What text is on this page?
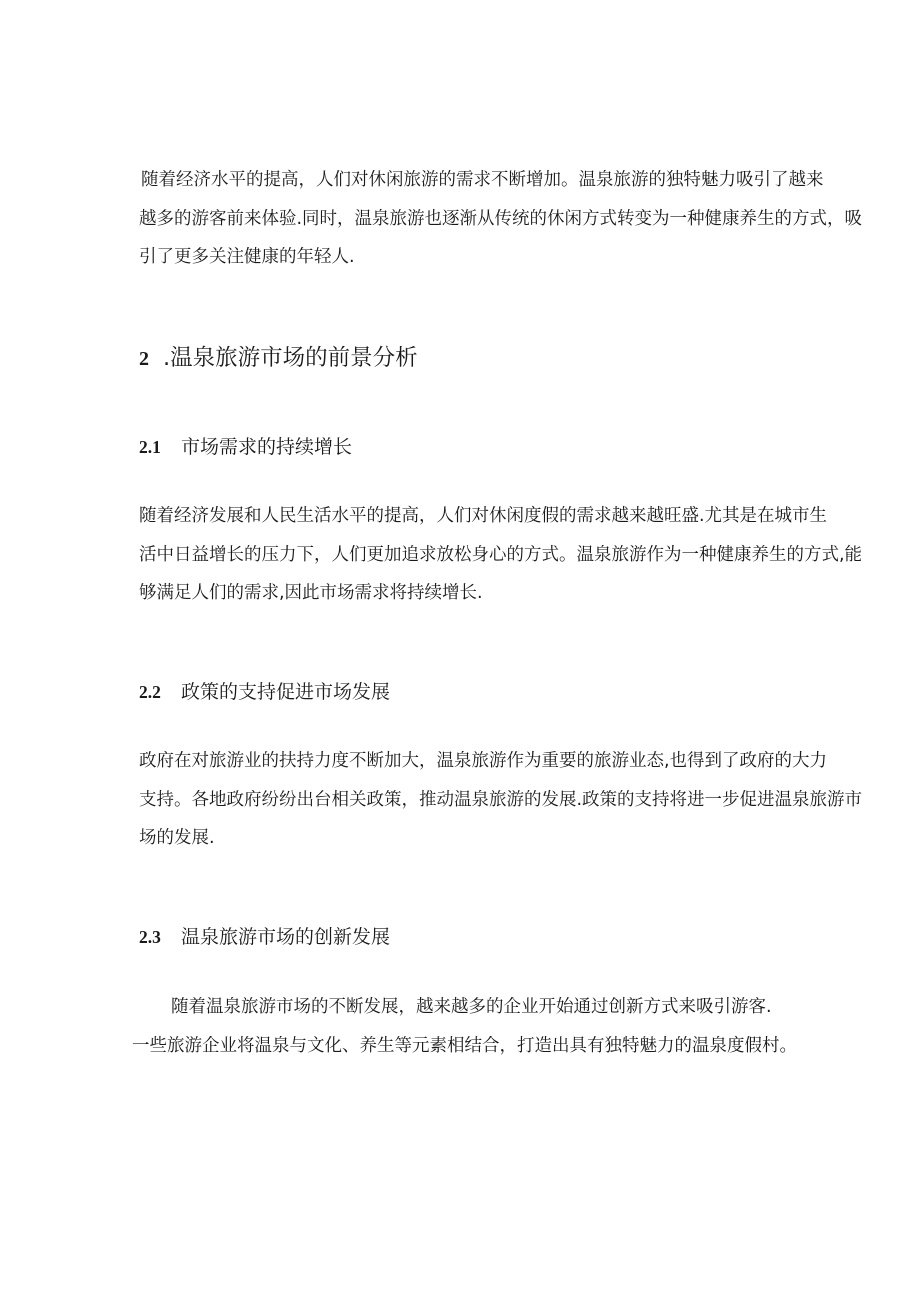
随着经济水平的提高，人们对休闲旅游的需求不断增加。温泉旅游的独特魅力吸引了越来
越多的游客前来体验.同时，温泉旅游也逐渐从传统的休闲方式转变为一种健康养生的方式，吸
引了更多关注健康的年轻人.
2 .温泉旅游市场的前景分析
2.1 市场需求的持续增长
随着经济发展和人民生活水平的提高，人们对休闲度假的需求越来越旺盛.尤其是在城市生
活中日益增长的压力下，人们更加追求放松身心的方式。温泉旅游作为一种健康养生的方式,能
够满足人们的需求,因此市场需求将持续增长.
2.2 政策的支持促进市场发展
政府在对旅游业的扶持力度不断加大，温泉旅游作为重要的旅游业态,也得到了政府的大力
支持。各地政府纷纷出台相关政策，推动温泉旅游的发展.政策的支持将进一步促进温泉旅游市
场的发展.
2.3 温泉旅游市场的创新发展
随着温泉旅游市场的不断发展，越来越多的企业开始通过创新方式来吸引游客.
一些旅游企业将温泉与文化、养生等元素相结合，打造出具有独特魅力的温泉度假村。
